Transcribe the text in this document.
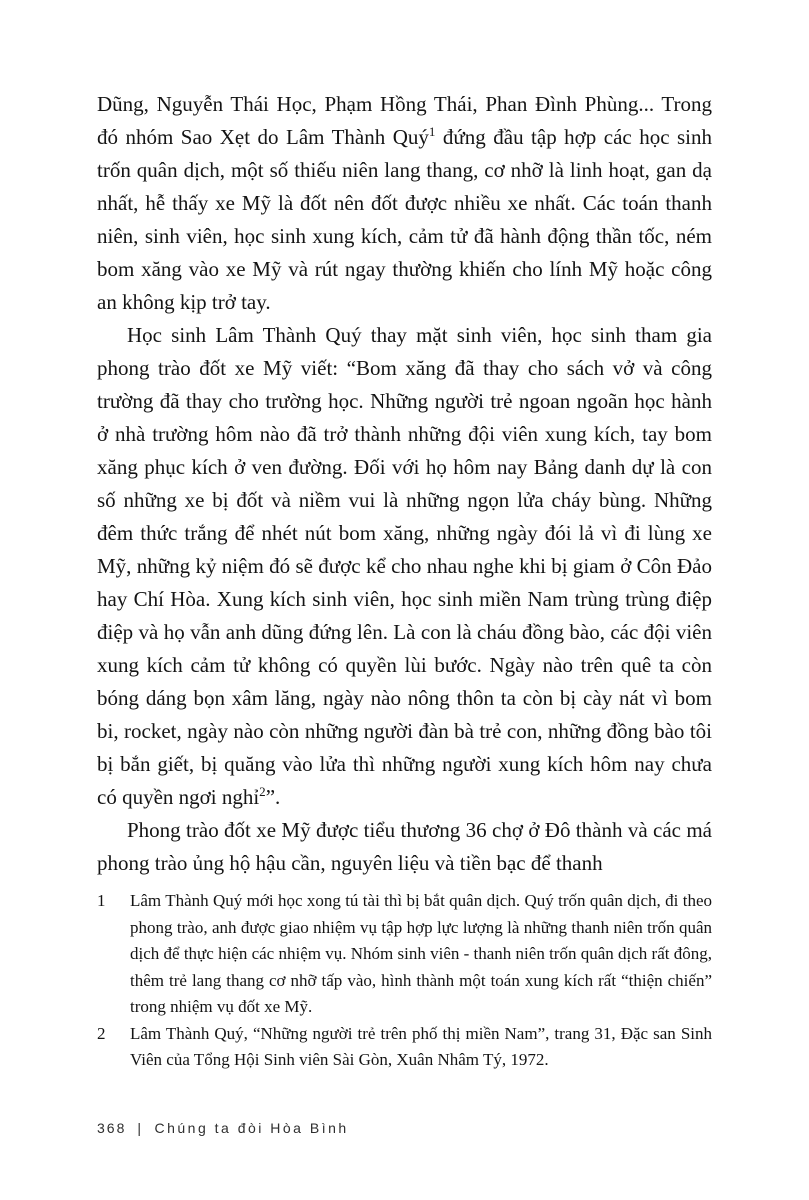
Dũng, Nguyễn Thái Học, Phạm Hồng Thái, Phan Đình Phùng... Trong đó nhóm Sao Xẹt do Lâm Thành Quý$^1$ đứng đầu tập hợp các học sinh trốn quân dịch, một số thiếu niên lang thang, cơ nhỡ là linh hoạt, gan dạ nhất, hễ thấy xe Mỹ là đốt nên đốt được nhiều xe nhất. Các toán thanh niên, sinh viên, học sinh xung kích, cảm tử đã hành động thần tốc, ném bom xăng vào xe Mỹ và rút ngay thường khiến cho lính Mỹ hoặc công an không kịp trở tay.

Học sinh Lâm Thành Quý thay mặt sinh viên, học sinh tham gia phong trào đốt xe Mỹ viết: “Bom xăng đã thay cho sách vở và công trường đã thay cho trường học. Những người trẻ ngoan ngoãn học hành ở nhà trường hôm nào đã trở thành những đội viên xung kích, tay bom xăng phục kích ở ven đường. Đối với họ hôm nay Bảng danh dự là con số những xe bị đốt và niềm vui là những ngọn lửa cháy bùng. Những đêm thức trắng để nhét nút bom xăng, những ngày đói lả vì đi lùng xe Mỹ, những kỷ niệm đó sẽ được kể cho nhau nghe khi bị giam ở Côn Đảo hay Chí Hòa. Xung kích sinh viên, học sinh miền Nam trùng trùng điệp điệp và họ vẫn anh dũng đứng lên. Là con là cháu đồng bào, các đội viên xung kích cảm tử không có quyền lùi bước. Ngày nào trên quê ta còn bóng dáng bọn xâm lăng, ngày nào nông thôn ta còn bị cày nát vì bom bi, rocket, ngày nào còn những người đàn bà trẻ con, những đồng bào tôi bị bắn giết, bị quăng vào lửa thì những người xung kích hôm nay chưa có quyền ngơi nghỉ$^2$”.

Phong trào đốt xe Mỹ được tiểu thương 36 chợ ở Đô thành và các má phong trào ủng hộ hậu cần, nguyên liệu và tiền bạc để thanh

1	Lâm Thành Quý mới học xong tú tài thì bị bắt quân dịch. Quý trốn quân dịch, đi theo phong trào, anh được giao nhiệm vụ tập hợp lực lượng là những thanh niên trốn quân dịch để thực hiện các nhiệm vụ. Nhóm sinh viên - thanh niên trốn quân dịch rất đông, thêm trẻ lang thang cơ nhỡ tấp vào, hình thành một toán xung kích rất “thiện chiến” trong nhiệm vụ đốt xe Mỹ.
2	Lâm Thành Quý, “Những người trẻ trên phố thị miền Nam”, trang 31, Đặc san Sinh Viên của Tổng Hội Sinh viên Sài Gòn, Xuân Nhâm Tý, 1972.
368 | Chúng ta đòi Hòa Bình
